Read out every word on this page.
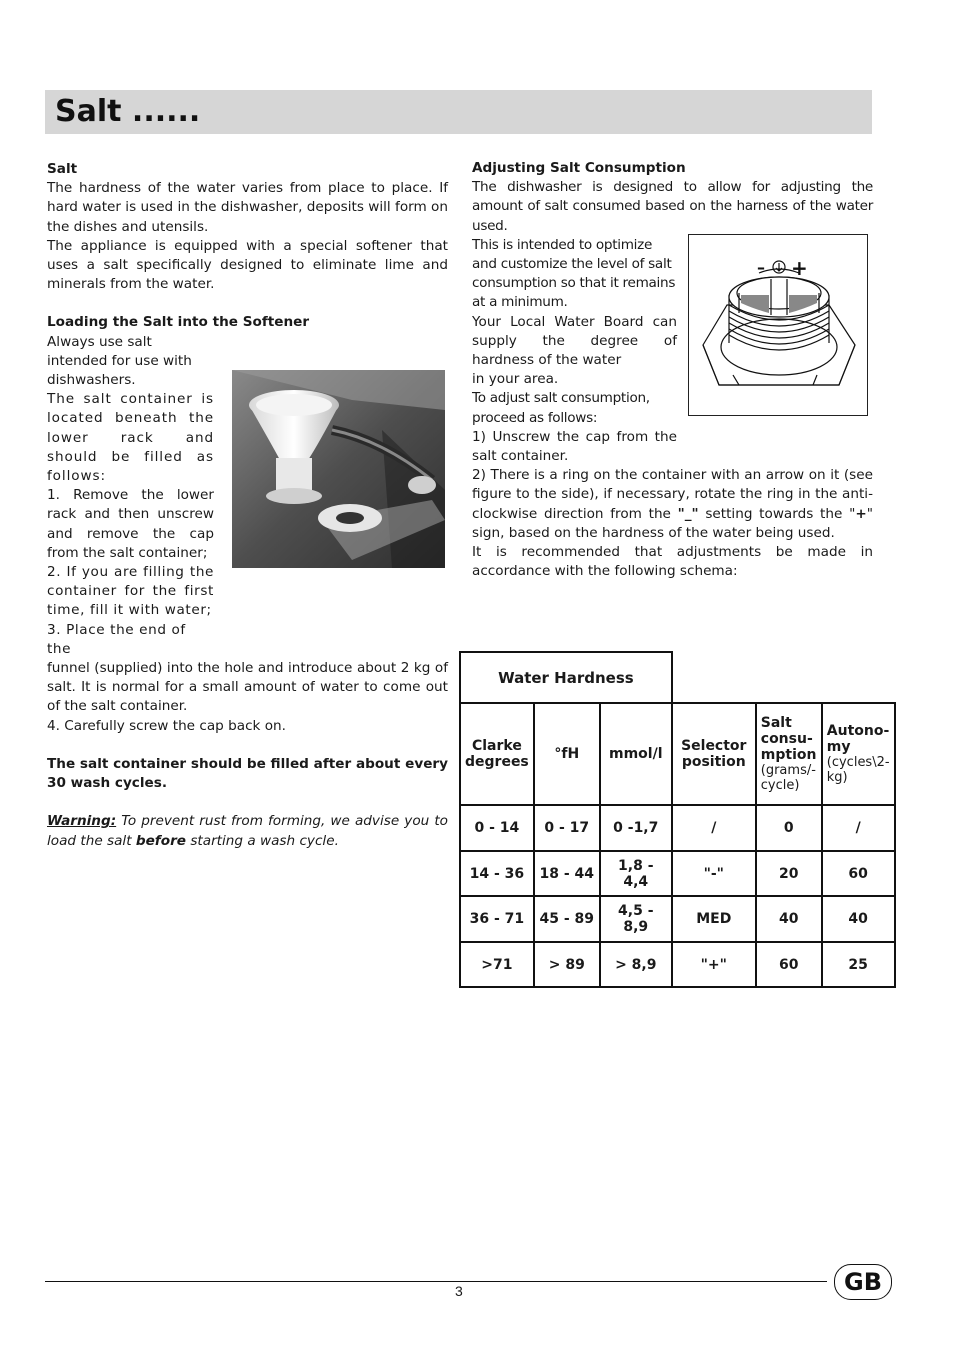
Salt ......

Salt

The hardness of the water varies from place to place. If hard water is used in the dishwasher, deposits will form on the dishes and utensils.

The appliance is equipped with a special softener that uses a salt specifically designed to eliminate lime and minerals from the water.

Loading the Salt into the Softener

Always use salt intended for use with dishwashers.

The salt container is located beneath the lower rack and should be filled as follows:

1. Remove the lower rack and then unscrew and remove the cap from the salt container;

2. If you are filling the container for the first time, fill it with water;

3. Place the end of the

funnel (supplied) into the hole and introduce about 2 kg of salt. It is normal for a small amount of water to come out of the salt container.

4. Carefully screw the cap back on.

The salt container should be filled after about every 30 wash cycles.

Warning: To prevent rust from forming, we advise you to load the salt before starting a wash cycle.

Adjusting Salt Consumption

The dishwasher is designed to allow for adjusting the amount of salt consumed based on the harness of the water used.

This is intended to optimize and customize the level of salt consumption so that it remains at a minimum.

Your Local Water Board can supply the degree of hardness of the water

in your area.

To adjust salt consumption, proceed as follows:

1) Unscrew the cap from the salt container.

2) There is a ring on the container with an arrow on it (see figure to the side), if necessary, rotate the ring in the anti-clockwise direction from the "_" setting towards the "+" sign, based on the hardness of the water being used.

It is recommended that adjustments be made in accordance with the following schema:

– +
Water Hardness					
Clarke degrees	°fH	mmol/l	Selector position	Salt consu-mption
(grams/-cycle)	Autono-my
(cycles\2-kg)

0 - 14	0 - 17	0 -1,7	/	0	/
14 - 36	18 - 44	1,8 - 4,4	"-"	20	60
36 - 71	45 - 89	4,5 - 8,9	MED	40	40
>71	> 89	> 8,9	"+"	60	25
3	GB
